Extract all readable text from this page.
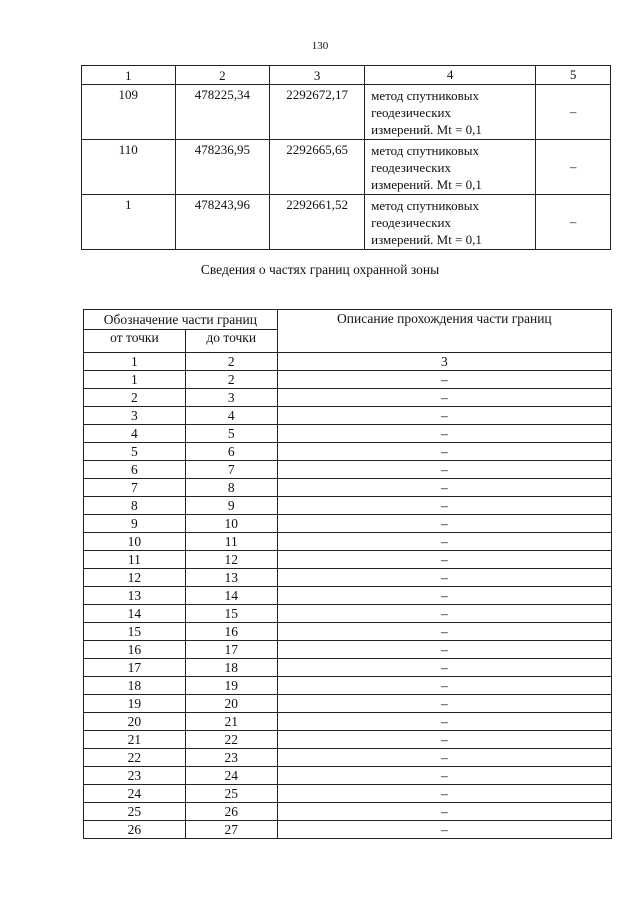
130
1	2	3	4	5
109	478225,34	2292672,17	метод спутниковых
геодезических
измерений. Mt = 0,1	–
110	478236,95	2292665,65	метод спутниковых
геодезических
измерений. Mt = 0,1	–
1	478243,96	2292661,52	метод спутниковых
геодезических
измерений. Mt = 0,1	–
Сведения о частях границ охранной зоны
Обозначение части границ		Описание прохождения части границ
от точки	до точки	
1	2	3
1	2	–
2	3	–
3	4	–
4	5	–
5	6	–
6	7	–
7	8	–
8	9	–
9	10	–
10	11	–
11	12	–
12	13	–
13	14	–
14	15	–
15	16	–
16	17	–
17	18	–
18	19	–
19	20	–
20	21	–
21	22	–
22	23	–
23	24	–
24	25	–
25	26	–
26	27	–
